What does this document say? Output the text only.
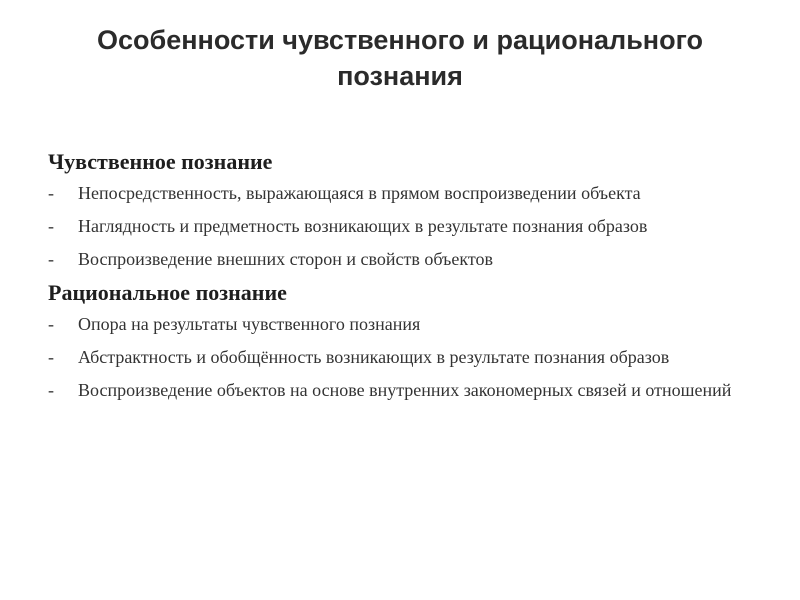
Особенности чувственного и рационального познания
Чувственное познание
-	Непосредственность, выражающаяся в прямом воспроизведении объекта
-	Наглядность и предметность возникающих в результате познания образов
-	Воспроизведение внешних сторон и свойств объектов
Рациональное познание
-	Опора на результаты чувственного познания
-	Абстрактность и обобщённость возникающих в результате познания образов
-	Воспроизведение объектов на основе внутренних закономерных связей и отношений
